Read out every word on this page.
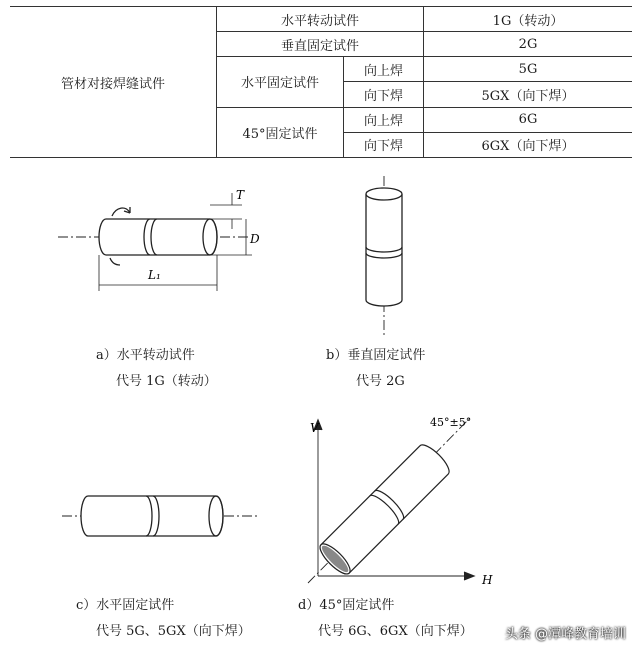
管材对接焊缝试件	水平转动试件		1G（转动）
	垂直固定试件		2G
	水平固定试件	向上焊	5G
		向下焊	5GX（向下焊）
	45°固定试件	向上焊	6G
		向下焊	6GX（向下焊）
T
D
L₁
a）水平转动试件
代号 1G（转动）
b）垂直固定试件
代号 2G
c）水平固定试件
代号 5G、5GX（向下焊）
V
H
45°±5°
d）45°固定试件
代号 6G、6GX（向下焊） 头条 @潭峰教育培训
